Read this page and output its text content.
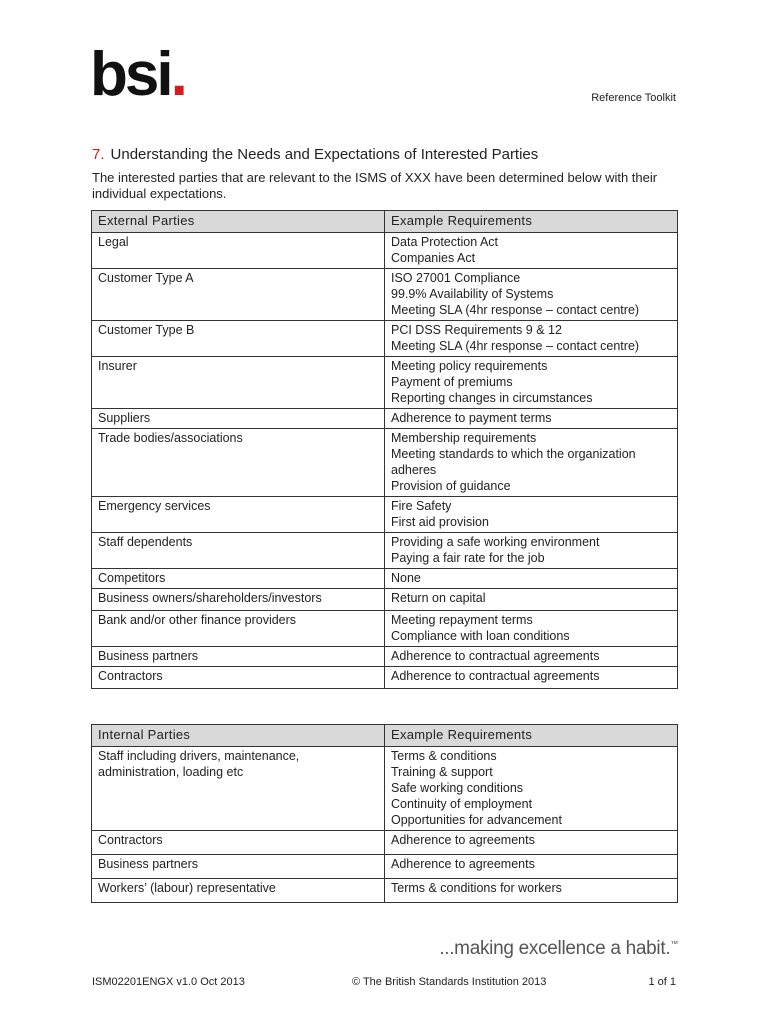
bsi.	Reference Toolkit
7. Understanding the Needs and Expectations of Interested Parties
The interested parties that are relevant to the ISMS of XXX have been determined below with their individual expectations.
External Parties	Example Requirements
Legal	Data Protection Act
Companies Act

Customer Type A	ISO 27001 Compliance
99.9% Availability of Systems
Meeting SLA (4hr response – contact centre)

Customer Type B	PCI DSS Requirements 9 & 12
Meeting SLA (4hr response – contact centre)

Insurer	Meeting policy requirements
Payment of premiums
Reporting changes in circumstances

Suppliers	Adherence to payment terms

Trade bodies/associations	Membership requirements
Meeting standards to which the organization adheres
Provision of guidance

Emergency services	Fire Safety
First aid provision

Staff dependents	Providing a safe working environment
Paying a fair rate for the job

Competitors	None

Business owners/shareholders/investors	Return on capital

Bank and/or other finance providers	Meeting repayment terms
Compliance with loan conditions

Business partners	Adherence to contractual agreements

Contractors	Adherence to contractual agreements
Internal Parties	Example Requirements
Staff including drivers, maintenance, administration, loading etc	Terms & conditions
Training & support
Safe working conditions
Continuity of employment
Opportunities for advancement

Contractors	Adherence to agreements

Business partners	Adherence to agreements

Workers’ (labour) representative	Terms & conditions for workers
...making excellence a habit.™
ISM02201ENGX v1.0 Oct 2013	© The British Standards Institution 2013	1 of 1
